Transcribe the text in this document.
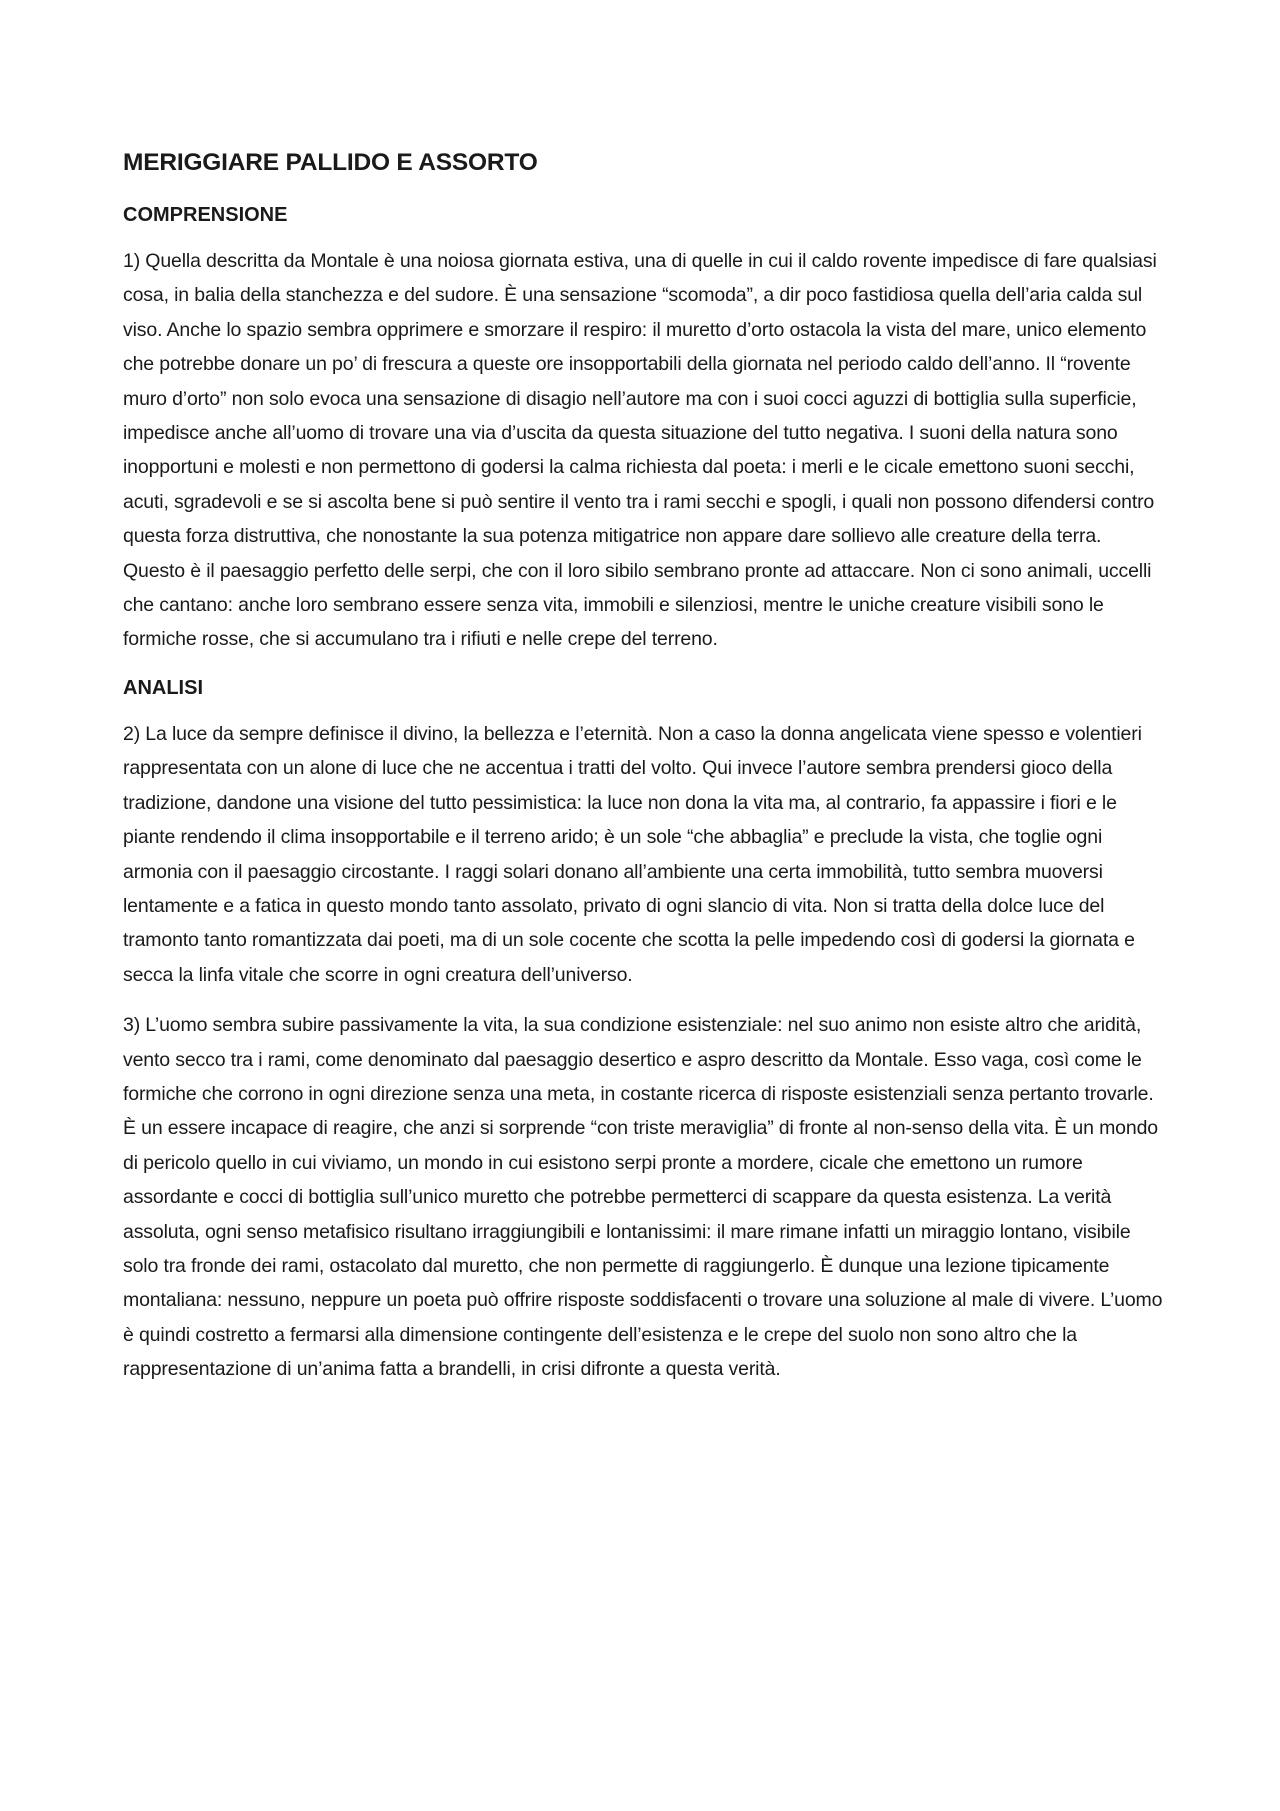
MERIGGIARE PALLIDO E ASSORTO
COMPRENSIONE

1) Quella descritta da Montale è una noiosa giornata estiva, una di quelle in cui il caldo rovente impedisce di fare qualsiasi cosa, in balia della stanchezza e del sudore. È una sensazione “scomoda”, a dir poco fastidiosa quella dell’aria calda sul viso. Anche lo spazio sembra opprimere e smorzare il respiro: il muretto d’orto ostacola la vista del mare, unico elemento che potrebbe donare un po’ di frescura a queste ore insopportabili della giornata nel periodo caldo dell’anno. Il “rovente muro d’orto” non solo evoca una sensazione di disagio nell’autore ma con i suoi cocci aguzzi di bottiglia sulla superficie, impedisce anche all’uomo di trovare una via d’uscita da questa situazione del tutto negativa. I suoni della natura sono inopportuni e molesti e non permettono di godersi la calma richiesta dal poeta: i merli e le cicale emettono suoni secchi, acuti, sgradevoli e se si ascolta bene si può sentire il vento tra i rami secchi e spogli, i quali non possono difendersi contro questa forza distruttiva, che nonostante la sua potenza mitigatrice non appare dare sollievo alle creature della terra. Questo è il paesaggio perfetto delle serpi, che con il loro sibilo sembrano pronte ad attaccare. Non ci sono animali, uccelli che cantano: anche loro sembrano essere senza vita, immobili e silenziosi, mentre le uniche creature visibili sono le formiche rosse, che si accumulano tra i rifiuti e nelle crepe del terreno.

ANALISI

2) La luce da sempre definisce il divino, la bellezza e l’eternità. Non a caso la donna angelicata viene spesso e volentieri rappresentata con un alone di luce che ne accentua i tratti del volto. Qui invece l’autore sembra prendersi gioco della tradizione, dandone una visione del tutto pessimistica: la luce non dona la vita ma, al contrario, fa appassire i fiori e le piante rendendo il clima insopportabile e il terreno arido; è un sole “che abbaglia” e preclude la vista, che toglie ogni armonia con il paesaggio circostante. I raggi solari donano all’ambiente una certa immobilità, tutto sembra muoversi lentamente e a fatica in questo mondo tanto assolato, privato di ogni slancio di vita. Non si tratta della dolce luce del tramonto tanto romantizzata dai poeti, ma di un sole cocente che scotta la pelle impedendo così di godersi la giornata e secca la linfa vitale che scorre in ogni creatura dell’universo.

3) L’uomo sembra subire passivamente la vita, la sua condizione esistenziale: nel suo animo non esiste altro che aridità, vento secco tra i rami, come denominato dal paesaggio desertico e aspro descritto da Montale. Esso vaga, così come le formiche che corrono in ogni direzione senza una meta, in costante ricerca di risposte esistenziali senza pertanto trovarle. È un essere incapace di reagire, che anzi si sorprende “con triste meraviglia” di fronte al non-senso della vita. È un mondo di pericolo quello in cui viviamo, un mondo in cui esistono serpi pronte a mordere, cicale che emettono un rumore assordante e cocci di bottiglia sull’unico muretto che potrebbe permetterci di scappare da questa esistenza. La verità assoluta, ogni senso metafisico risultano irraggiungibili e lontanissimi: il mare rimane infatti un miraggio lontano, visibile solo tra fronde dei rami, ostacolato dal muretto, che non permette di raggiungerlo. È dunque una lezione tipicamente montaliana: nessuno, neppure un poeta può offrire risposte soddisfacenti o trovare una soluzione al male di vivere. L’uomo è quindi costretto a fermarsi alla dimensione contingente dell’esistenza e le crepe del suolo non sono altro che la rappresentazione di un’anima fatta a brandelli, in crisi difronte a questa verità.
